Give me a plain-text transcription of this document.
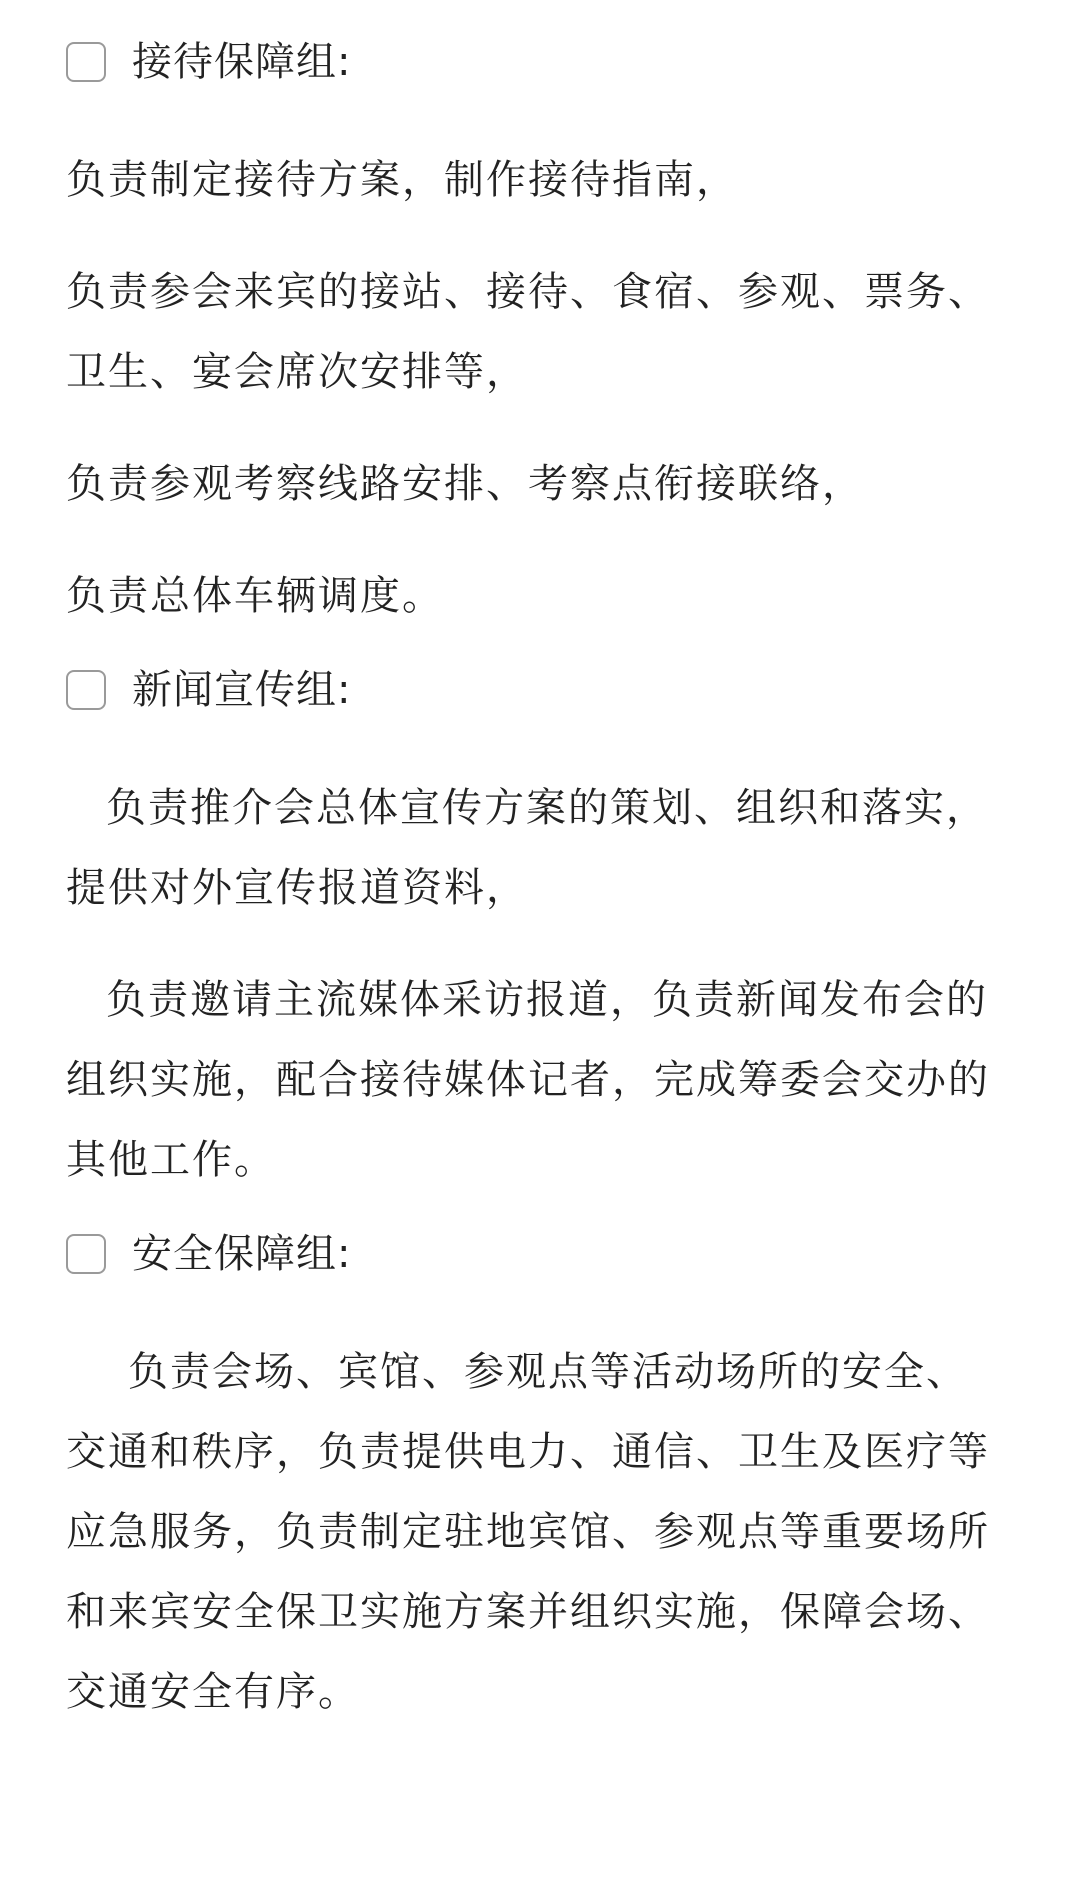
接待保障组:

负责制定接待方案，制作接待指南，

负责参会来宾的接站、接待、食宿、参观、票务、
卫生、宴会席次安排等，

负责参观考察线路安排、考察点衔接联络，

负责总体车辆调度。

新闻宣传组:

负责推介会总体宣传方案的策划、组织和落实，
提供对外宣传报道资料，

负责邀请主流媒体采访报道，负责新闻发布会的
组织实施，配合接待媒体记者，完成筹委会交办的
其他工作。

安全保障组:

负责会场、宾馆、参观点等活动场所的安全、
交通和秩序，负责提供电力、通信、卫生及医疗等
应急服务，负责制定驻地宾馆、参观点等重要场所
和来宾安全保卫实施方案并组织实施，保障会场、
交通安全有序。
